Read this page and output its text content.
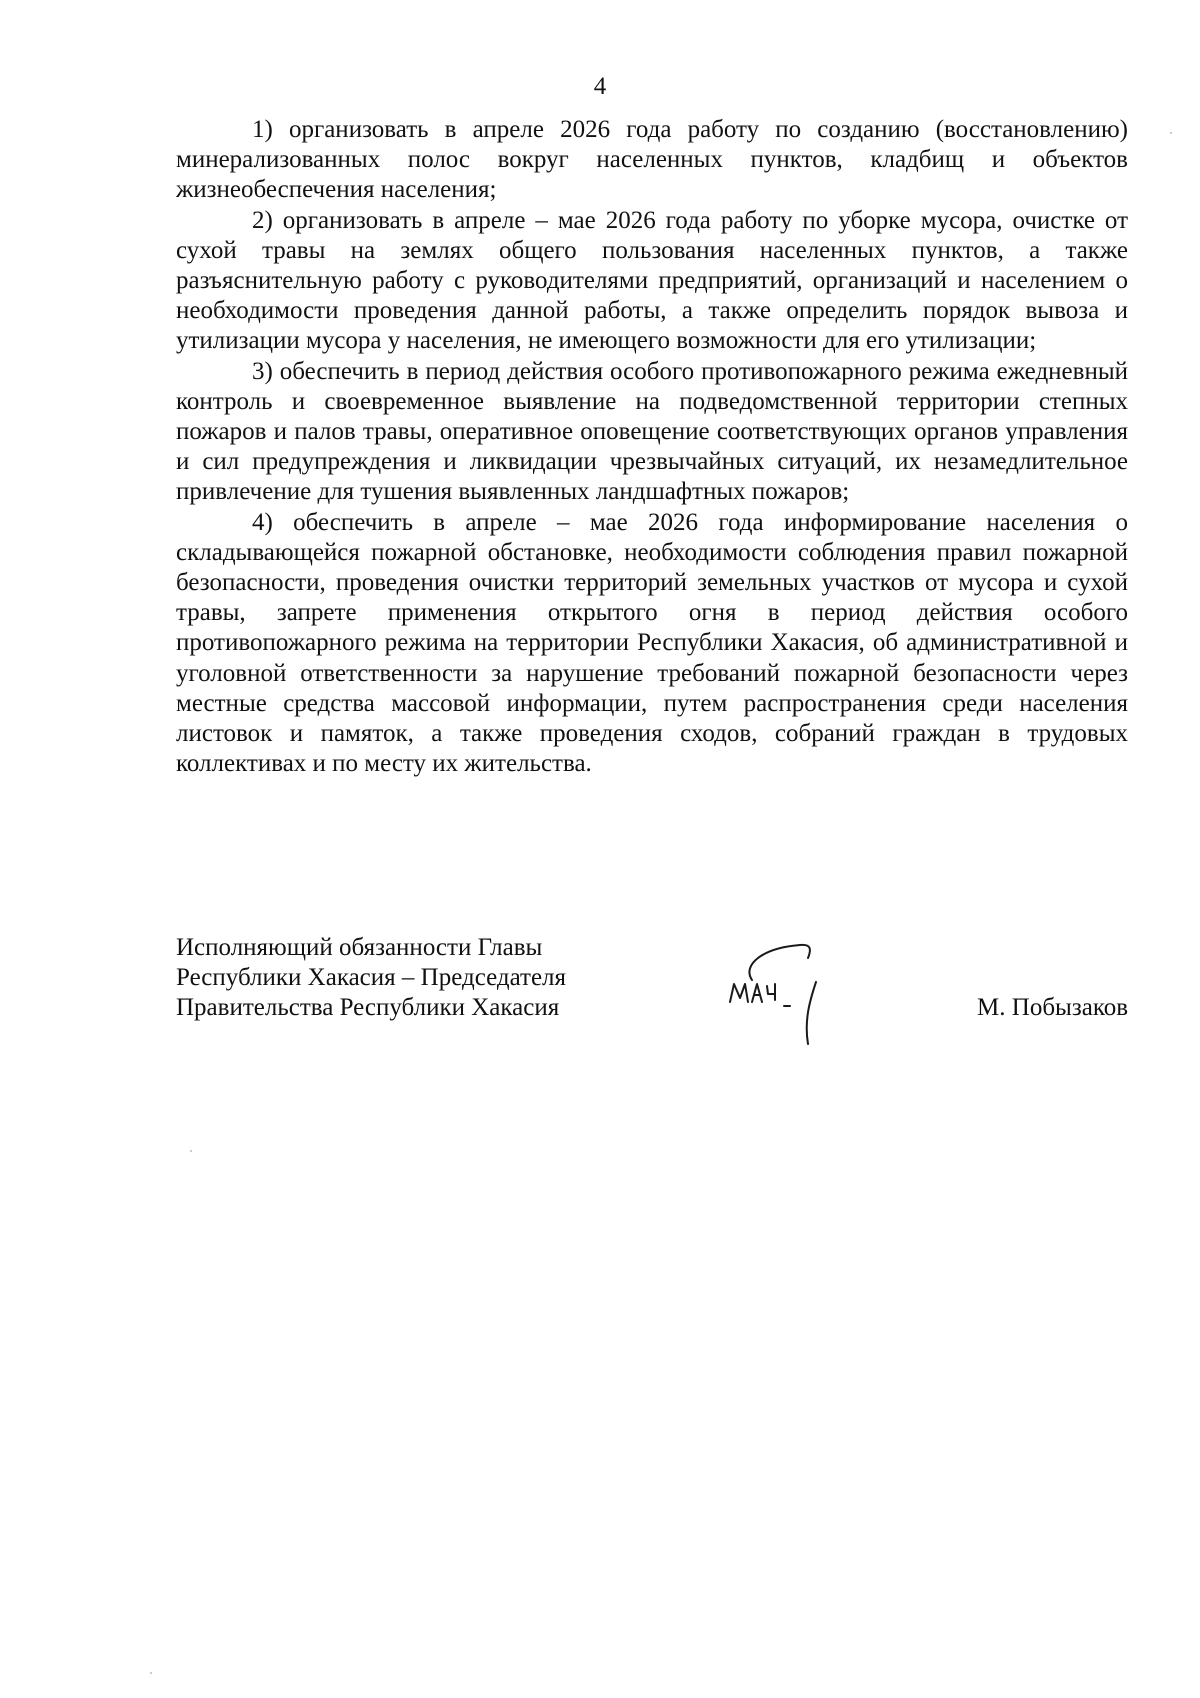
4

1) организовать в апреле 2026 года работу по созданию (восстановлению) минерализованных полос вокруг населенных пунктов, кладбищ и объектов жизнеобеспечения населения;

2) организовать в апреле – мае 2026 года работу по уборке мусора, очистке от сухой травы на землях общего пользования населенных пунктов, а также разъяснительную работу с руководителями предприятий, организаций и населением о необходимости проведения данной работы, а также определить порядок вывоза и утилизации мусора у населения, не имеющего возможности для его утилизации;

3) обеспечить в период действия особого противопожарного режима ежедневный контроль и своевременное выявление на подведомственной территории степных пожаров и палов травы, оперативное оповещение соответствующих органов управления и сил предупреждения и ликвидации чрезвычайных ситуаций, их незамедлительное привлечение для тушения выявленных ландшафтных пожаров;

4) обеспечить в апреле – мае 2026 года информирование населения о складывающейся пожарной обстановке, необходимости соблюдения правил пожарной безопасности, проведения очистки территорий земельных участков от мусора и сухой травы, запрете применения открытого огня в период действия особого противопожарного режима на территории Республики Хакасия, об административной и уголовной ответственности за нарушение требований пожарной безопасности через местные средства массовой информации, путем распространения среди населения листовок и памяток, а также проведения сходов, собраний граждан в трудовых коллективах и по месту их жительства.

Исполняющий обязанности Главы
Республики Хакасия – Председателя
Правительства Республики Хакасия	М. Побызаков
